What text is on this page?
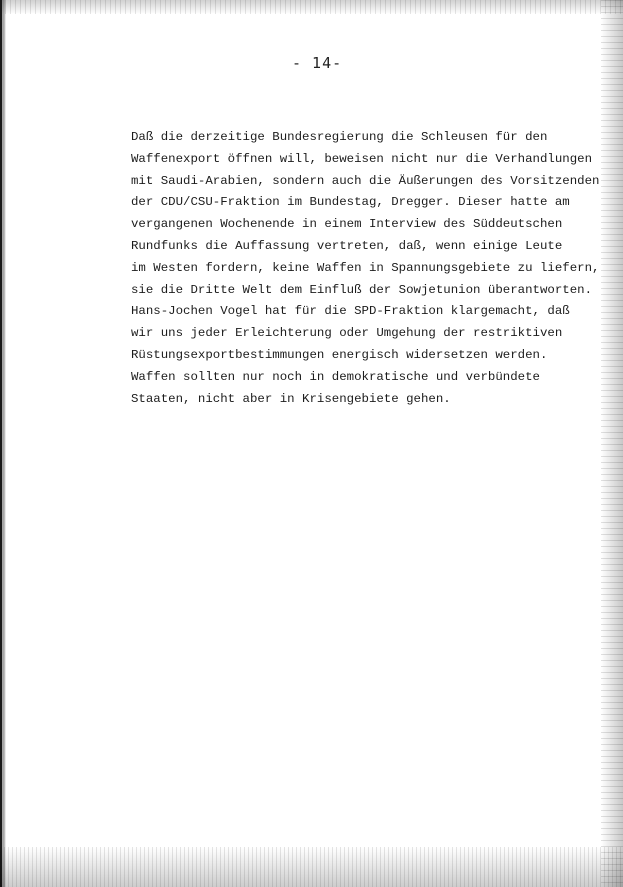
- 14-

Daß die derzeitige Bundesregierung die Schleusen für den
Waffenexport öffnen will, beweisen nicht nur die Verhandlungen
mit Saudi-Arabien, sondern auch die Äußerungen des Vorsitzenden
der CDU/CSU-Fraktion im Bundestag, Dregger. Dieser hatte am
vergangenen Wochenende in einem Interview des Süddeutschen
Rundfunks die Auffassung vertreten, daß, wenn einige Leute
im Westen fordern, keine Waffen in Spannungsgebiete zu liefern,
sie die Dritte Welt dem Einfluß der Sowjetunion überantworten.
Hans-Jochen Vogel hat für die SPD-Fraktion klargemacht, daß
wir uns jeder Erleichterung oder Umgehung der restriktiven
Rüstungsexportbestimmungen energisch widersetzen werden.
Waffen sollten nur noch in demokratische und verbündete
Staaten, nicht aber in Krisengebiete gehen.
